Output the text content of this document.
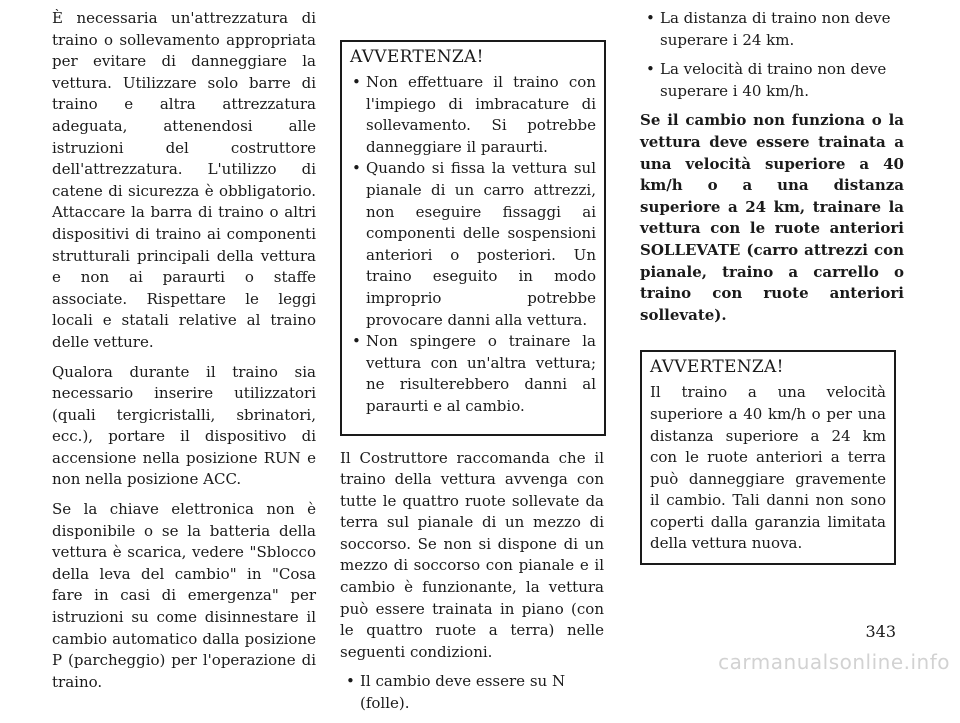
È necessaria un'attrezzatura di traino o sollevamento appropriata per evitare di danneggiare la vettura. Utilizzare solo barre di traino e altra attrezzatura adeguata, attenendosi alle istruzioni del costruttore dell'attrezzatura. L'utilizzo di catene di sicurezza è obbligatorio. Attaccare la barra di traino o altri dispositivi di traino ai componenti strutturali principali della vettura e non ai paraurti o staffe associate. Rispettare le leggi locali e statali relative al traino delle vetture.

Qualora durante il traino sia necessario inserire utilizzatori (quali tergicristalli, sbrinatori, ecc.), portare il dispositivo di accensione nella posizione RUN e non nella posizione ACC.

Se la chiave elettronica non è disponibile o se la batteria della vettura è scarica, vedere "Sblocco della leva del cambio" in "Cosa fare in casi di emergenza" per istruzioni su come disinnestare il cambio automatico dalla posizione P (parcheggio) per l'operazione di traino.

AVVERTENZA!
• Non effettuare il traino con l'impiego di imbracature di sollevamento. Si potrebbe danneggiare il paraurti.
• Quando si fissa la vettura sul pianale di un carro attrezzi, non eseguire fissaggi ai componenti delle sospensioni anteriori o posteriori. Un traino eseguito in modo improprio potrebbe provocare danni alla vettura.
• Non spingere o trainare la vettura con un'altra vettura; ne risulterebbero danni al paraurti e al cambio.

Il Costruttore raccomanda che il traino della vettura avvenga con tutte le quattro ruote sollevate da terra sul pianale di un mezzo di soccorso. Se non si dispone di un mezzo di soccorso con pianale e il cambio è funzionante, la vettura può essere trainata in piano (con le quattro ruote a terra) nelle seguenti condizioni.

• Il cambio deve essere su N (folle).
• La distanza di traino non deve superare i 24 km.
• La velocità di traino non deve superare i 40 km/h.

Se il cambio non funziona o la vettura deve essere trainata a una velocità superiore a 40 km/h o a una distanza superiore a 24 km, trainare la vettura con le ruote anteriori SOLLEVATE (carro attrezzi con pianale, traino a carrello o traino con ruote anteriori sollevate).

AVVERTENZA!

Il traino a una velocità superiore a 40 km/h o per una distanza superiore a 24 km con le ruote anteriori a terra può danneggiare gravemente il cambio. Tali danni non sono coperti dalla garanzia limitata della vettura nuova.

343
carmanualsonline.info
